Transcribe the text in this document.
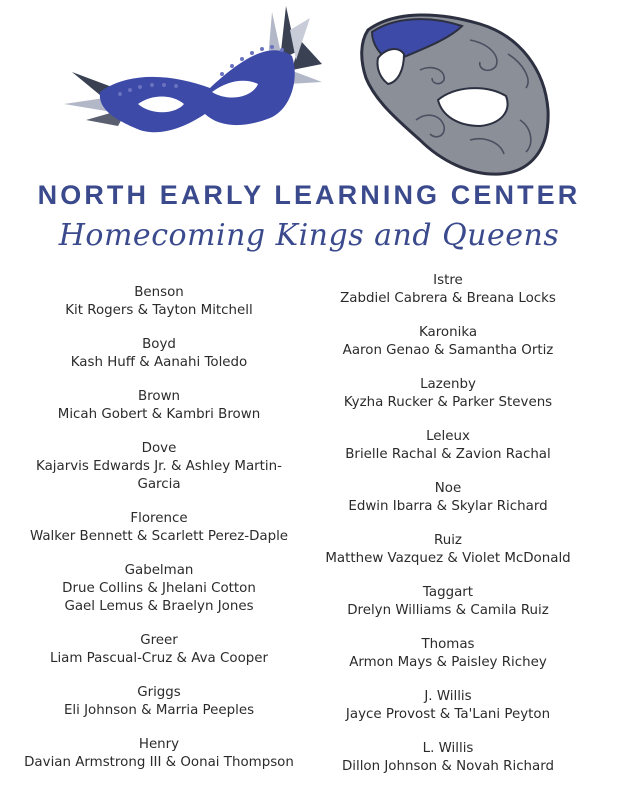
NORTH EARLY LEARNING CENTER
Homecoming Kings and Queens
Benson
Kit Rogers & Tayton Mitchell
Boyd
Kash Huff & Aanahi Toledo
Brown
Micah Gobert & Kambri Brown
Dove
Kajarvis Edwards Jr. & Ashley Martin-Garcia
Florence
Walker Bennett & Scarlett Perez-Daple
Gabelman
Drue Collins & Jhelani Cotton
Gael Lemus & Braelyn Jones
Greer
Liam Pascual-Cruz & Ava Cooper
Griggs
Eli Johnson & Marria Peeples
Henry
Davian Armstrong III & Oonai Thompson
Istre
Zabdiel Cabrera & Breana Locks
Karonika
Aaron Genao & Samantha Ortiz
Lazenby
Kyzha Rucker & Parker Stevens
Leleux
Brielle Rachal & Zavion Rachal
Noe
Edwin Ibarra & Skylar Richard
Ruiz
Matthew Vazquez & Violet McDonald
Taggart
Drelyn Williams & Camila Ruiz
Thomas
Armon Mays & Paisley Richey
J. Willis
Jayce Provost & Ta'Lani Peyton
L. Willis
Dillon Johnson & Novah Richard
